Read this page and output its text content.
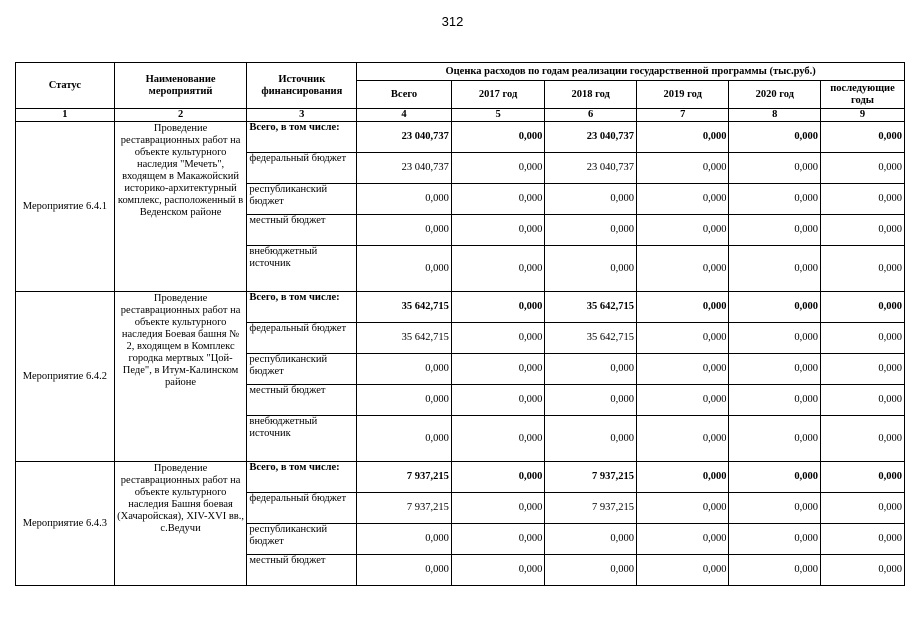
312
Статус	Наименование мероприятий	Источник финансирования	Оценка расходов по годам реализации государственной программы (тыс.руб.)					
			Всего	2017 год	2018 год	2019 год	2020 год	последующие годы
1	2	3	4	5	6	7	8	9
Мероприятие 6.4.1	Проведение реставрационных работ на объекте культурного наследия "Мечеть", входящем в Макажойский историко-архитектурный комплекс, расположенный в Веденском районе	Всего, в том числе:	23 040,737	0,000	23 040,737	0,000	0,000	0,000
		федеральный бюджет	23 040,737	0,000	23 040,737	0,000	0,000	0,000
		республиканский бюджет	0,000	0,000	0,000	0,000	0,000	0,000
		местный бюджет	0,000	0,000	0,000	0,000	0,000	0,000
		внебюджетный источник	0,000	0,000	0,000	0,000	0,000	0,000
Мероприятие 6.4.2	Проведение реставрационных работ на объекте культурного наследия Боевая башня № 2, входящем в Комплекс городка мертвых "Цой- Педе", в Итум-Калинском районе	Всего, в том числе:	35 642,715	0,000	35 642,715	0,000	0,000	0,000
		федеральный бюджет	35 642,715	0,000	35 642,715	0,000	0,000	0,000
		республиканский бюджет	0,000	0,000	0,000	0,000	0,000	0,000
		местный бюджет	0,000	0,000	0,000	0,000	0,000	0,000
		внебюджетный источник	0,000	0,000	0,000	0,000	0,000	0,000
Мероприятие 6.4.3	Проведение реставрационных работ на объекте культурного наследия Башня боевая (Хачаройская), XIV-XVI вв., с.Ведучи	Всего, в том числе:	7 937,215	0,000	7 937,215	0,000	0,000	0,000
		федеральный бюджет	7 937,215	0,000	7 937,215	0,000	0,000	0,000
		республиканский бюджет	0,000	0,000	0,000	0,000	0,000	0,000
		местный бюджет	0,000	0,000	0,000	0,000	0,000	0,000
